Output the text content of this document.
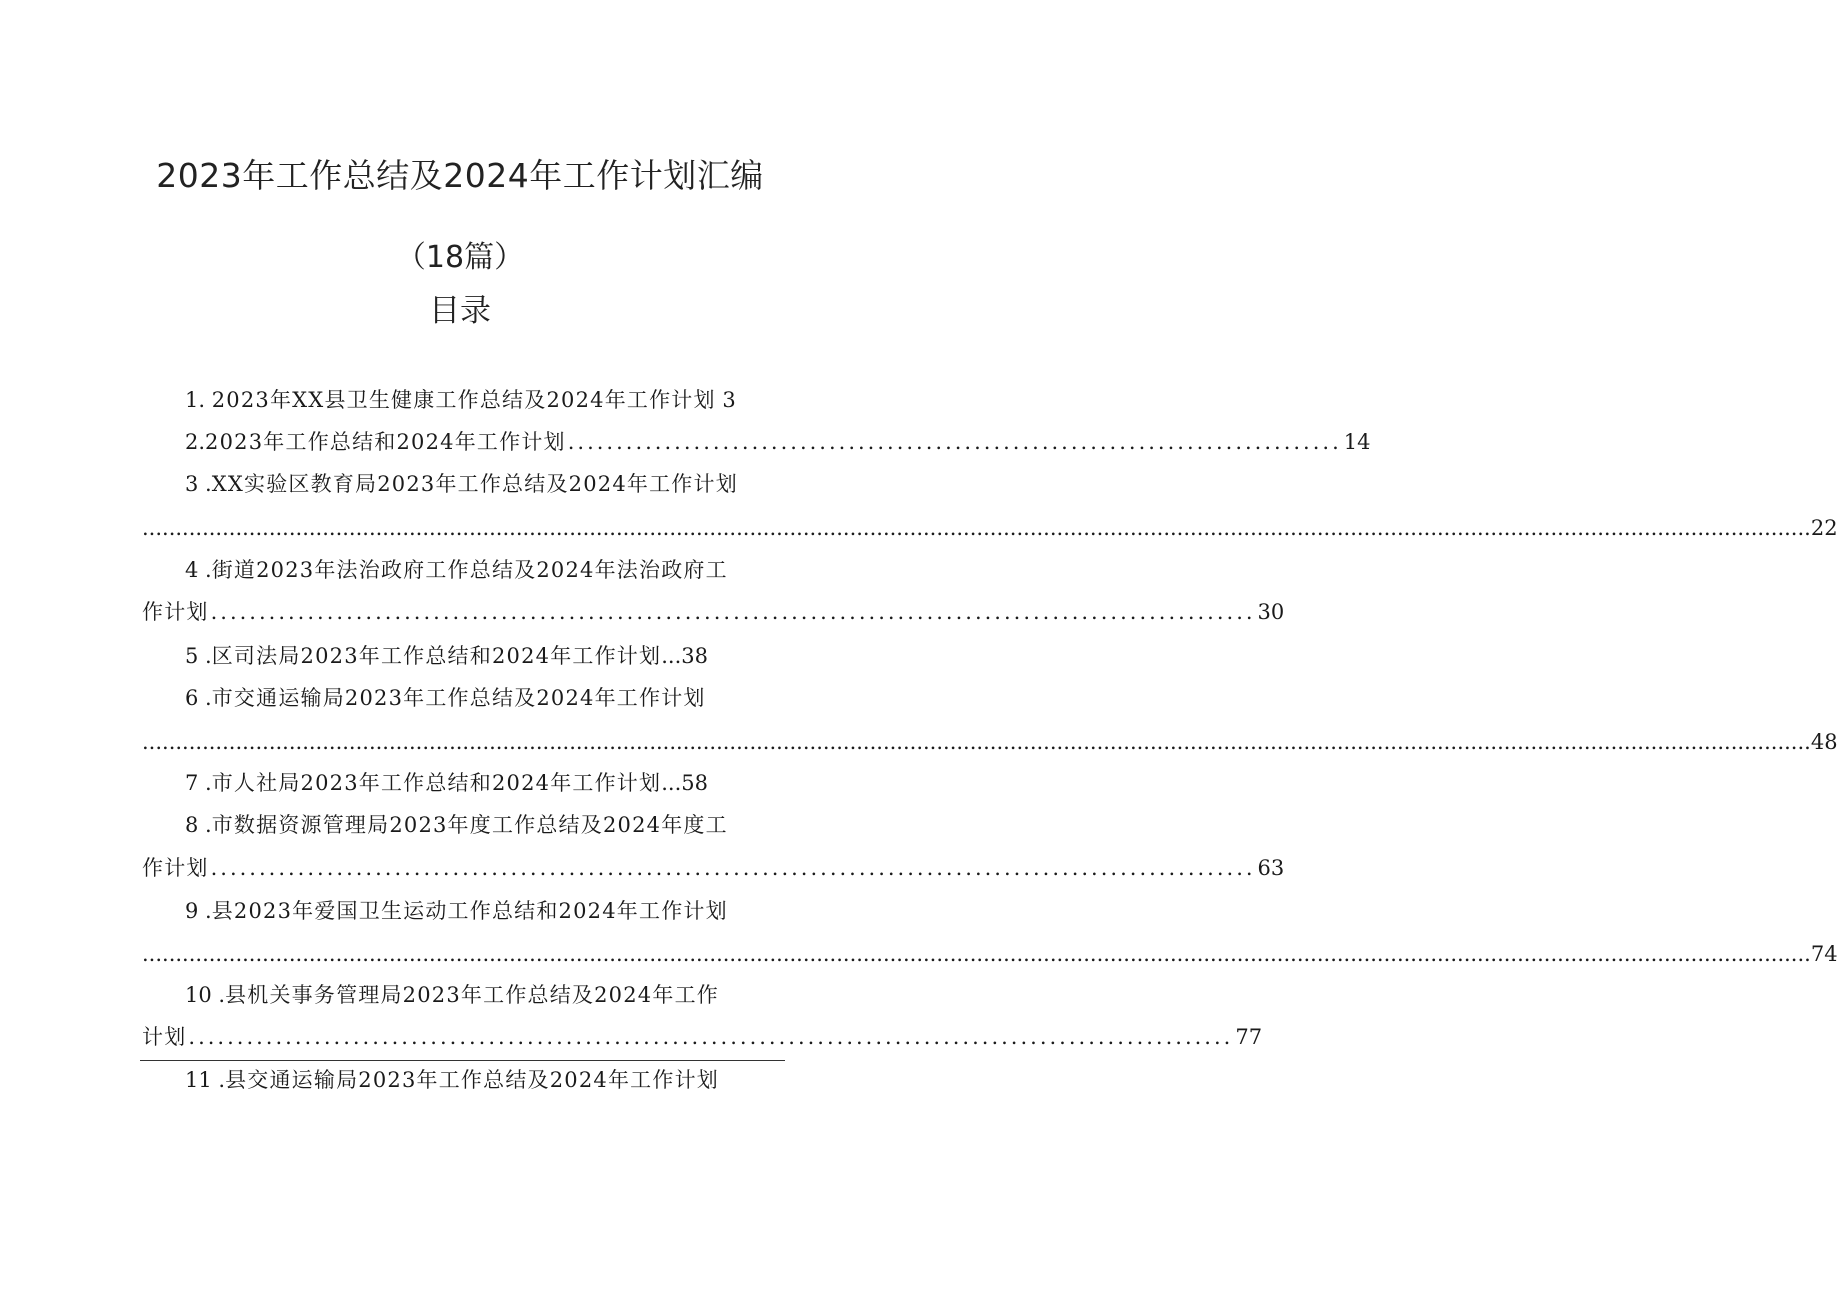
2023年工作总结及2024年工作计划汇编
（18篇）
目录
1. 2023年XX县卫生健康工作总结及2024年工作计划 3
2. 2023年工作总结和2024年工作计划 ................................................................................ 14
3 .XX实验区教育局2023年工作总结及2024年工作计划
.......................................................................................................................................................................................................................................................... 22
4 .街道2023年法治政府工作总结及2024年法治政府工
作计划 ............................................................................................................ 30
5 .区司法局2023年工作总结和2024年工作计划...38
6 .市交通运输局2023年工作总结及2024年工作计划
.......................................................................................................................................................................................................................................................... 48
7 .市人社局2023年工作总结和2024年工作计划...58
8 .市数据资源管理局2023年度工作总结及2024年度工
作计划 ............................................................................................................ 63
9 .县2023年爱国卫生运动工作总结和2024年工作计划
.......................................................................................................................................................................................................................................................... 74
10 .县机关事务管理局2023年工作总结及2024年工作
计划 ............................................................................................................ 77
11 .县交通运输局2023年工作总结及2024年工作计划
